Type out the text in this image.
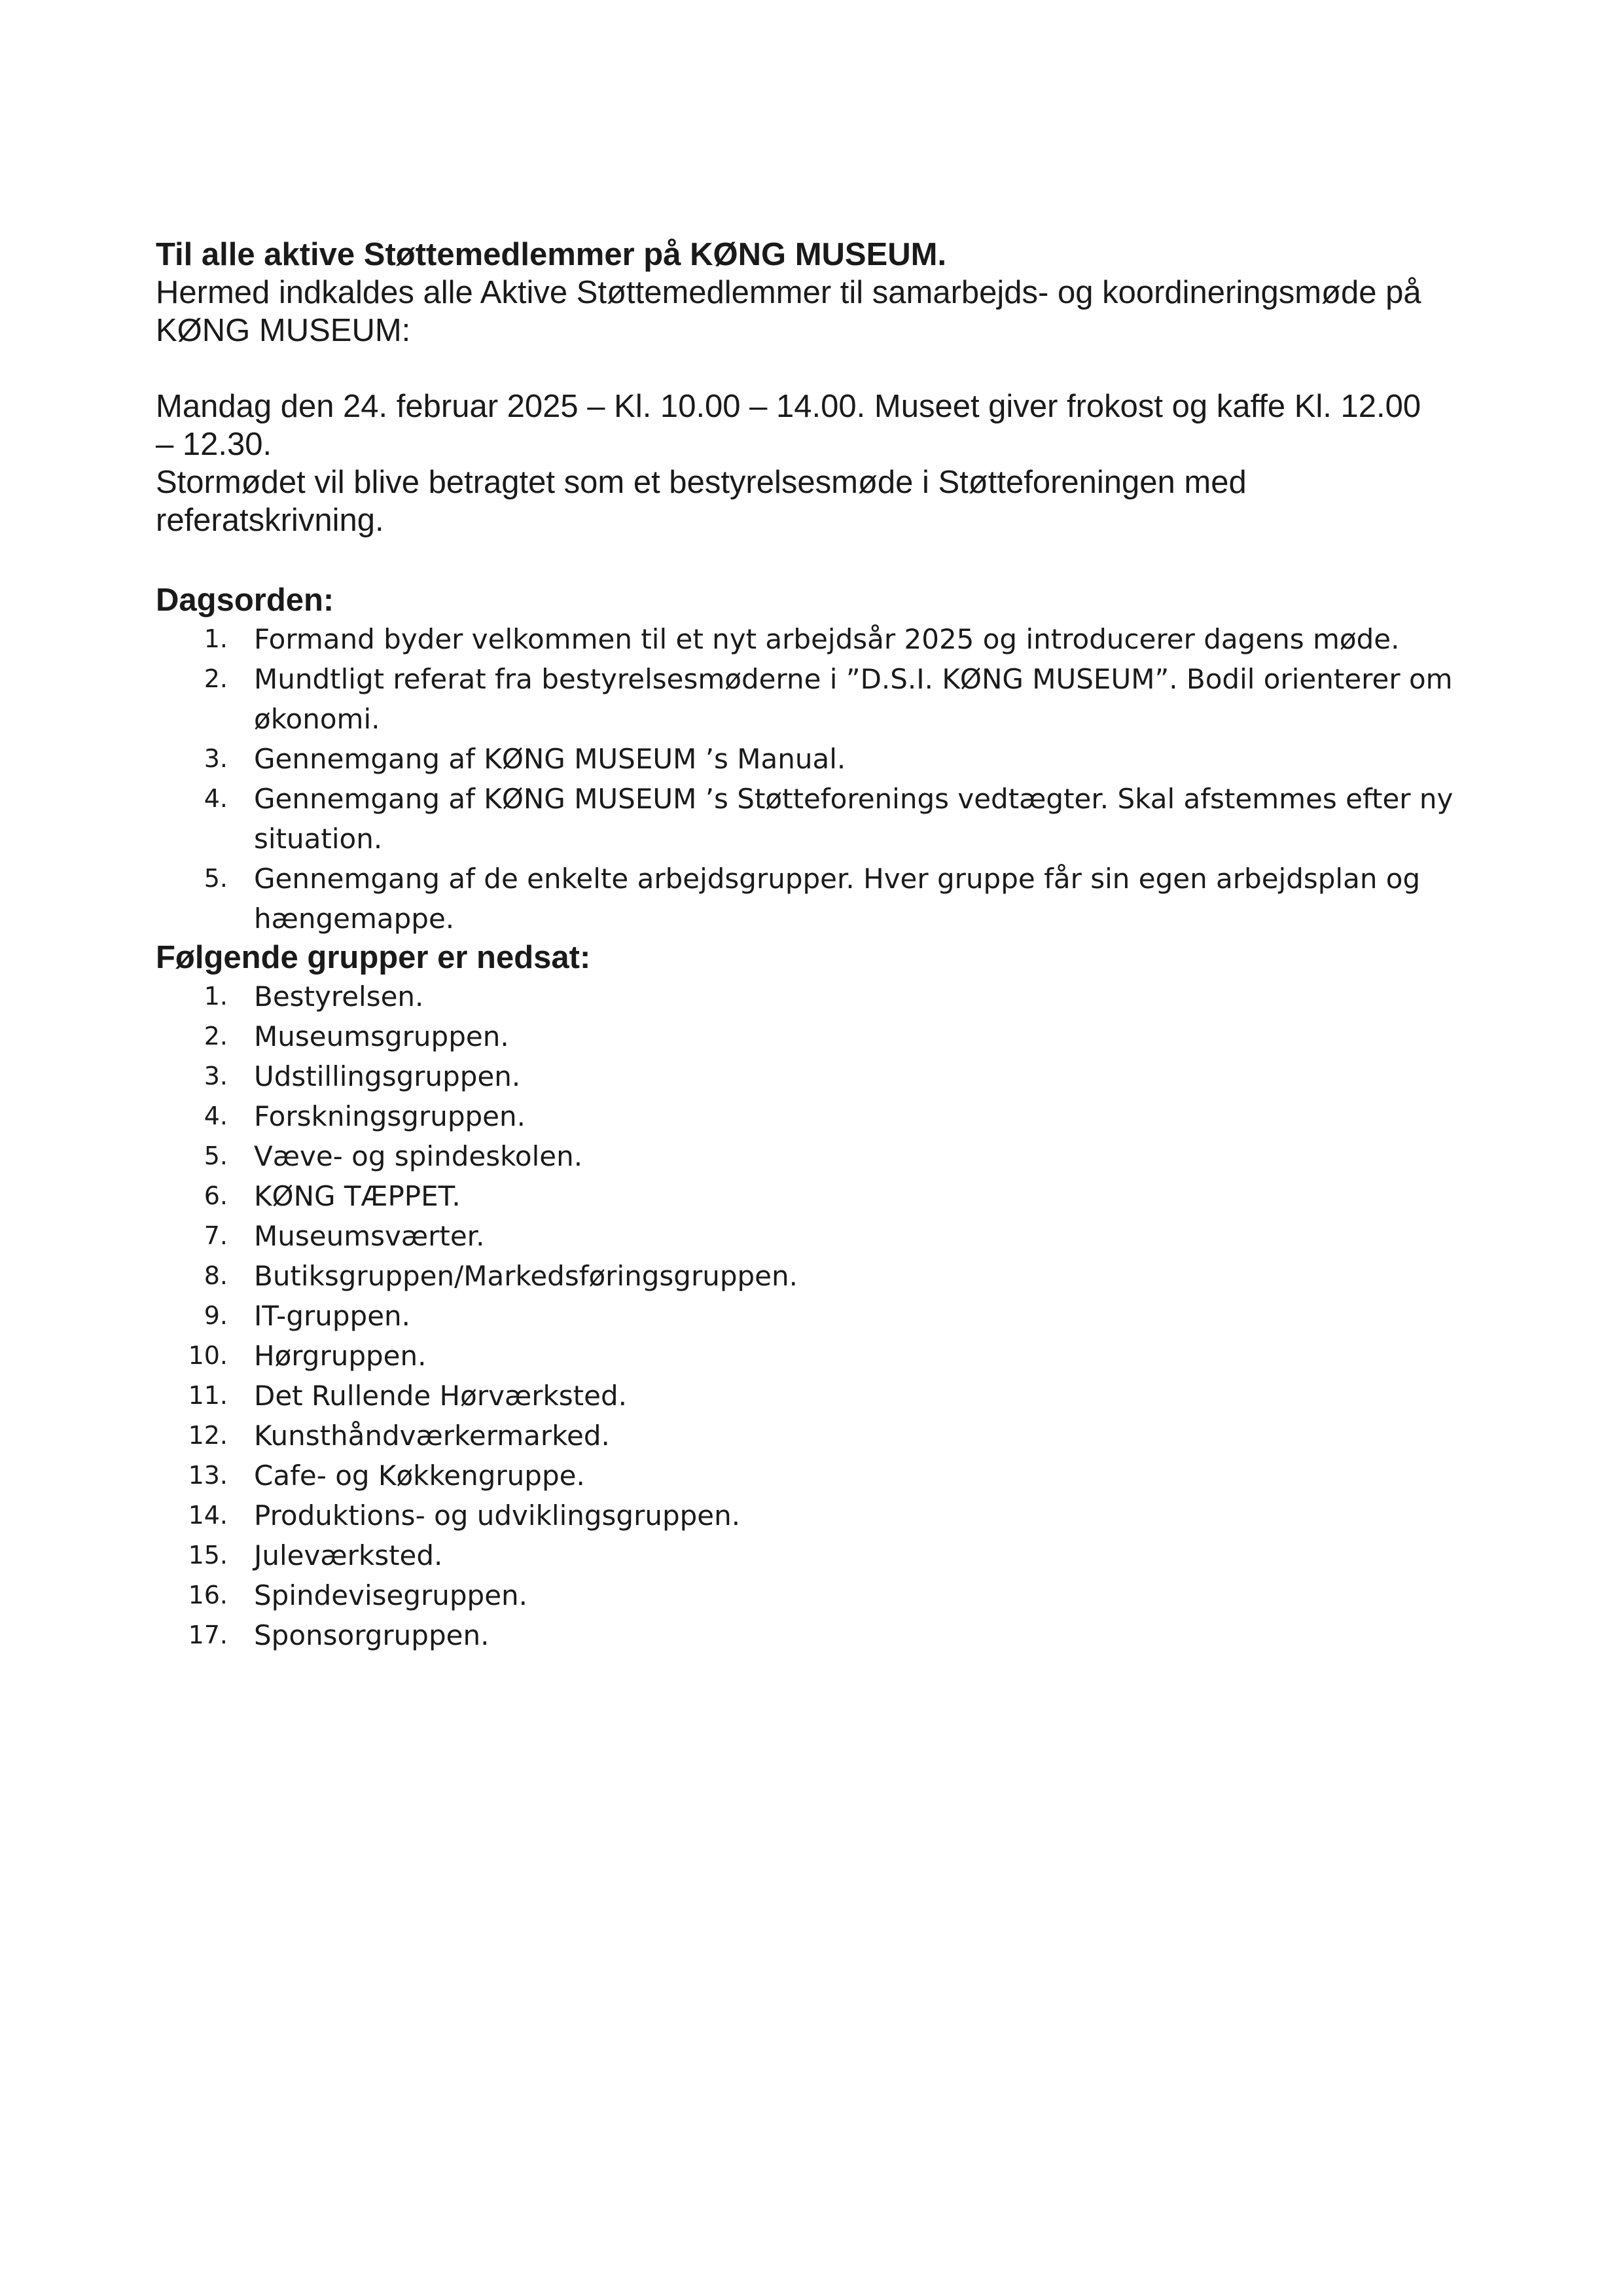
Til alle aktive Støttemedlemmer på KØNG MUSEUM.

Hermed indkaldes alle Aktive Støttemedlemmer til samarbejds- og koordineringsmøde på

KØNG MUSEUM:

Mandag den 24. februar 2025 – Kl. 10.00 – 14.00. Museet giver frokost og kaffe Kl. 12.00

– 12.30.

Stormødet vil blive betragtet som et bestyrelsesmøde i Støtteforeningen med

referatskrivning.

Dagsorden:

1. Formand byder velkommen til et nyt arbejdsår 2025 og introducerer dagens møde.
2. Mundtligt referat fra bestyrelsesmøderne i ”D.S.I. KØNG MUSEUM”. Bodil orienterer om økonomi.
3. Gennemgang af KØNG MUSEUM ’s Manual.
4. Gennemgang af KØNG MUSEUM ’s Støtteforenings vedtægter. Skal afstemmes efter ny situation.
5. Gennemgang af de enkelte arbejdsgrupper. Hver gruppe får sin egen arbejdsplan og hængemappe.

Følgende grupper er nedsat:

1. Bestyrelsen.
2. Museumsgruppen.
3. Udstillingsgruppen.
4. Forskningsgruppen.
5. Væve- og spindeskolen.
6. KØNG TÆPPET.
7. Museumsværter.
8. Butiksgruppen/Markedsføringsgruppen.
9. IT-gruppen.
10. Hørgruppen.
11. Det Rullende Hørværksted.
12. Kunsthåndværkermarked.
13. Cafe- og Køkkengruppe.
14. Produktions- og udviklingsgruppen.
15. Juleværksted.
16. Spindevisegruppen.
17. Sponsorgruppen.
